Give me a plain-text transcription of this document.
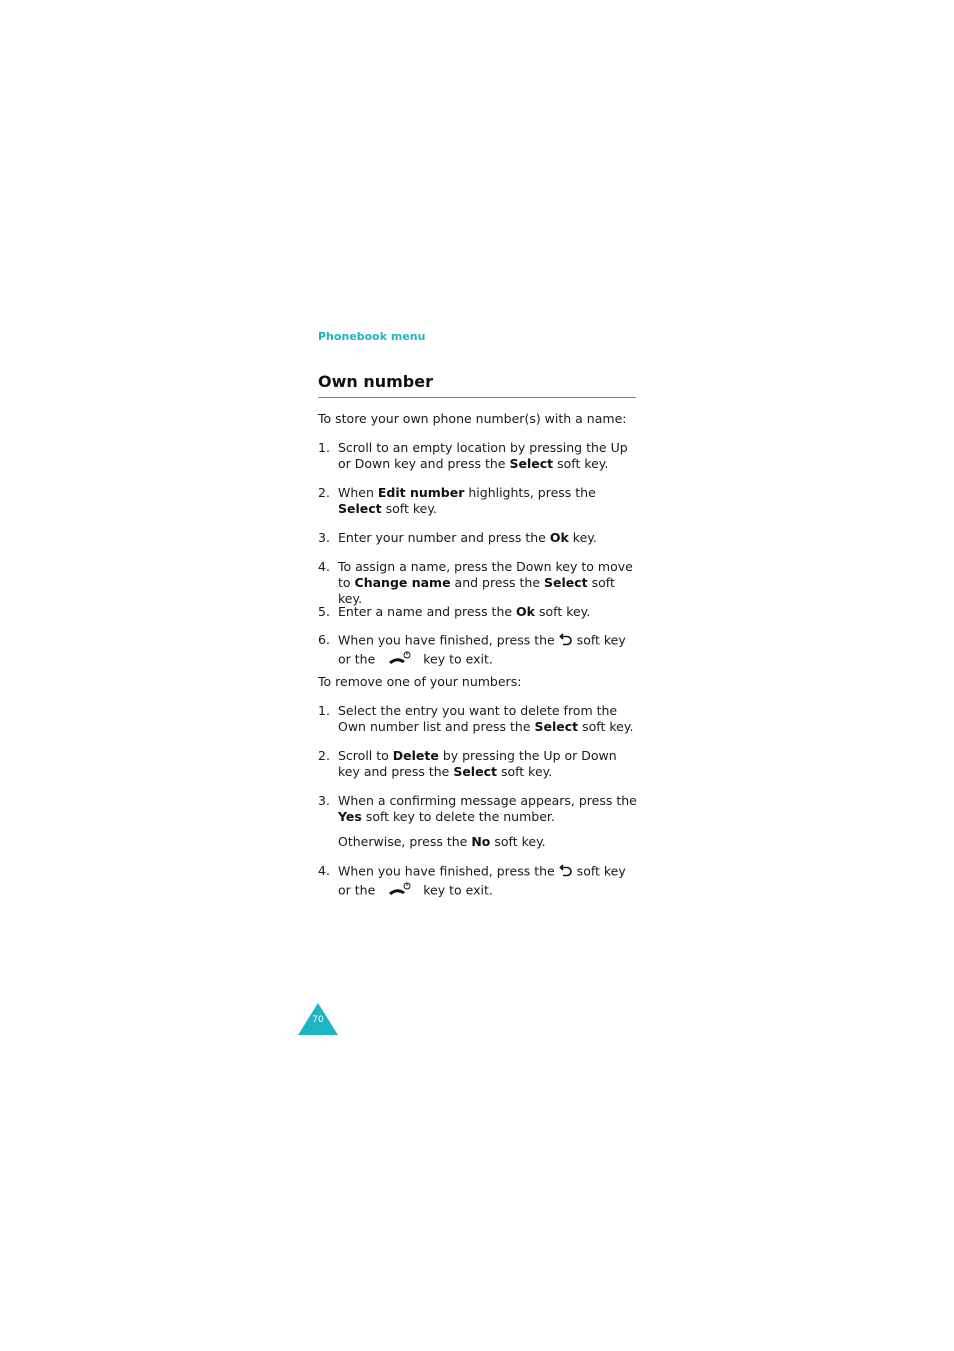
Phonebook menu
Own number
To store your own phone number(s) with a name:
1. Scroll to an empty location by pressing the Up or Down key and press the Select soft key.
2. When Edit number highlights, press the Select soft key.
3. Enter your number and press the Ok key.
4. To assign a name, press the Down key to move to Change name and press the Select soft key.
5. Enter a name and press the Ok soft key.
6. When you have finished, press the  soft key or the	key to exit.
To remove one of your numbers:
1. Select the entry you want to delete from the Own number list and press the Select soft key.
2. Scroll to Delete by pressing the Up or Down key and press the Select soft key.
3. When a confirming message appears, press the Yes soft key to delete the number.
Otherwise, press the No soft key.
4. When you have finished, press the  soft key or the	key to exit.
70
